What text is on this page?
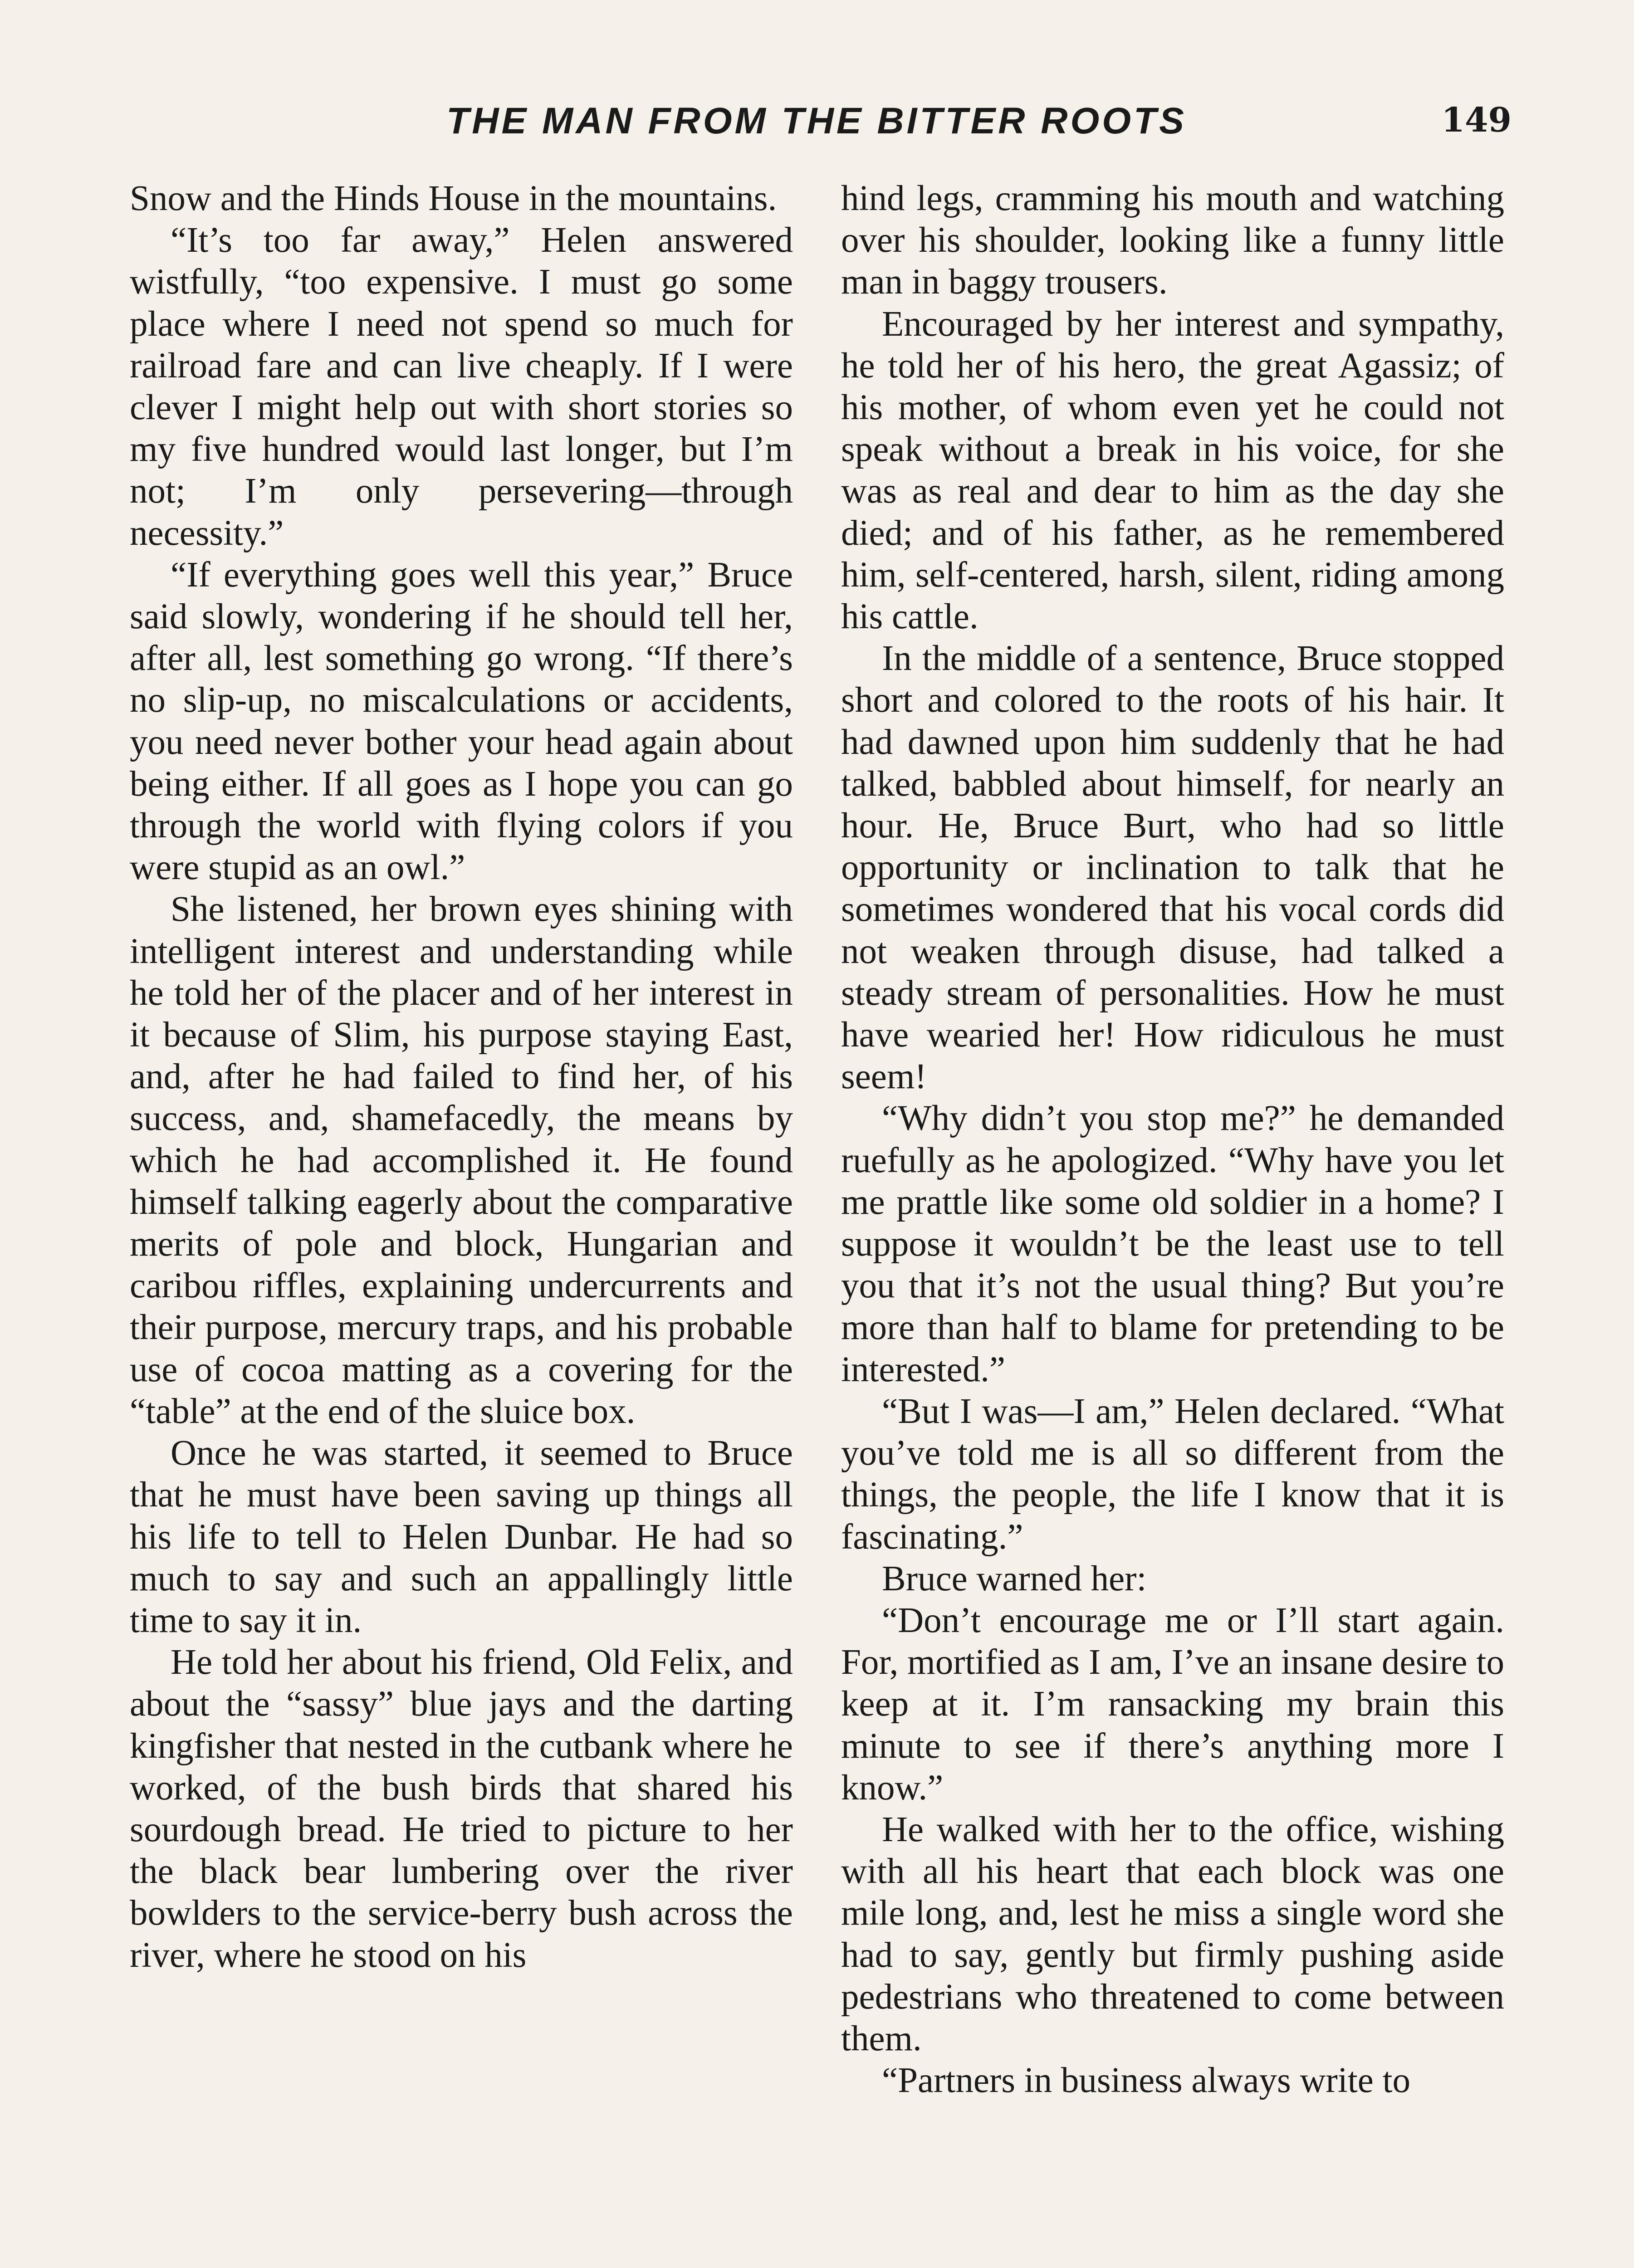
THE MAN FROM THE BITTER ROOTS	149

Snow and the Hinds House in the mountains.

“It’s too far away,” Helen answered wistfully, “too expensive. I must go some place where I need not spend so much for railroad fare and can live cheaply. If I were clever I might help out with short stories so my five hundred would last longer, but I’m not; I’m only persevering—through necessity.”

“If everything goes well this year,” Bruce said slowly, wondering if he should tell her, after all, lest something go wrong. “If there’s no slip-up, no miscalculations or accidents, you need never bother your head again about being either. If all goes as I hope you can go through the world with flying colors if you were stupid as an owl.”

She listened, her brown eyes shining with intelligent interest and understanding while he told her of the placer and of her interest in it because of Slim, his purpose staying East, and, after he had failed to find her, of his success, and, shamefacedly, the means by which he had accomplished it. He found himself talking eagerly about the comparative merits of pole and block, Hungarian and caribou riffles, explaining undercurrents and their purpose, mercury traps, and his probable use of cocoa matting as a covering for the “table” at the end of the sluice box.

Once he was started, it seemed to Bruce that he must have been saving up things all his life to tell to Helen Dunbar. He had so much to say and such an appallingly little time to say it in.

He told her about his friend, Old Felix, and about the “sassy” blue jays and the darting kingfisher that nested in the cutbank where he worked, of the bush birds that shared his sourdough bread. He tried to picture to her the black bear lumbering over the river bowlders to the service-berry bush across the river, where he stood on his

hind legs, cramming his mouth and watching over his shoulder, looking like a funny little man in baggy trousers.

Encouraged by her interest and sympathy, he told her of his hero, the great Agassiz; of his mother, of whom even yet he could not speak without a break in his voice, for she was as real and dear to him as the day she died; and of his father, as he remembered him, self-centered, harsh, silent, riding among his cattle.

In the middle of a sentence, Bruce stopped short and colored to the roots of his hair. It had dawned upon him suddenly that he had talked, babbled about himself, for nearly an hour. He, Bruce Burt, who had so little opportunity or inclination to talk that he sometimes wondered that his vocal cords did not weaken through disuse, had talked a steady stream of personalities. How he must have wearied her! How ridiculous he must seem!

“Why didn’t you stop me?” he demanded ruefully as he apologized. “Why have you let me prattle like some old soldier in a home? I suppose it wouldn’t be the least use to tell you that it’s not the usual thing? But you’re more than half to blame for pretending to be interested.”

“But I was—I am,” Helen declared. “What you’ve told me is all so different from the things, the people, the life I know that it is fascinating.”

Bruce warned her:

“Don’t encourage me or I’ll start again. For, mortified as I am, I’ve an insane desire to keep at it. I’m ransacking my brain this minute to see if there’s anything more I know.”

He walked with her to the office, wishing with all his heart that each block was one mile long, and, lest he miss a single word she had to say, gently but firmly pushing aside pedestrians who threatened to come between them.

“Partners in business always write to
